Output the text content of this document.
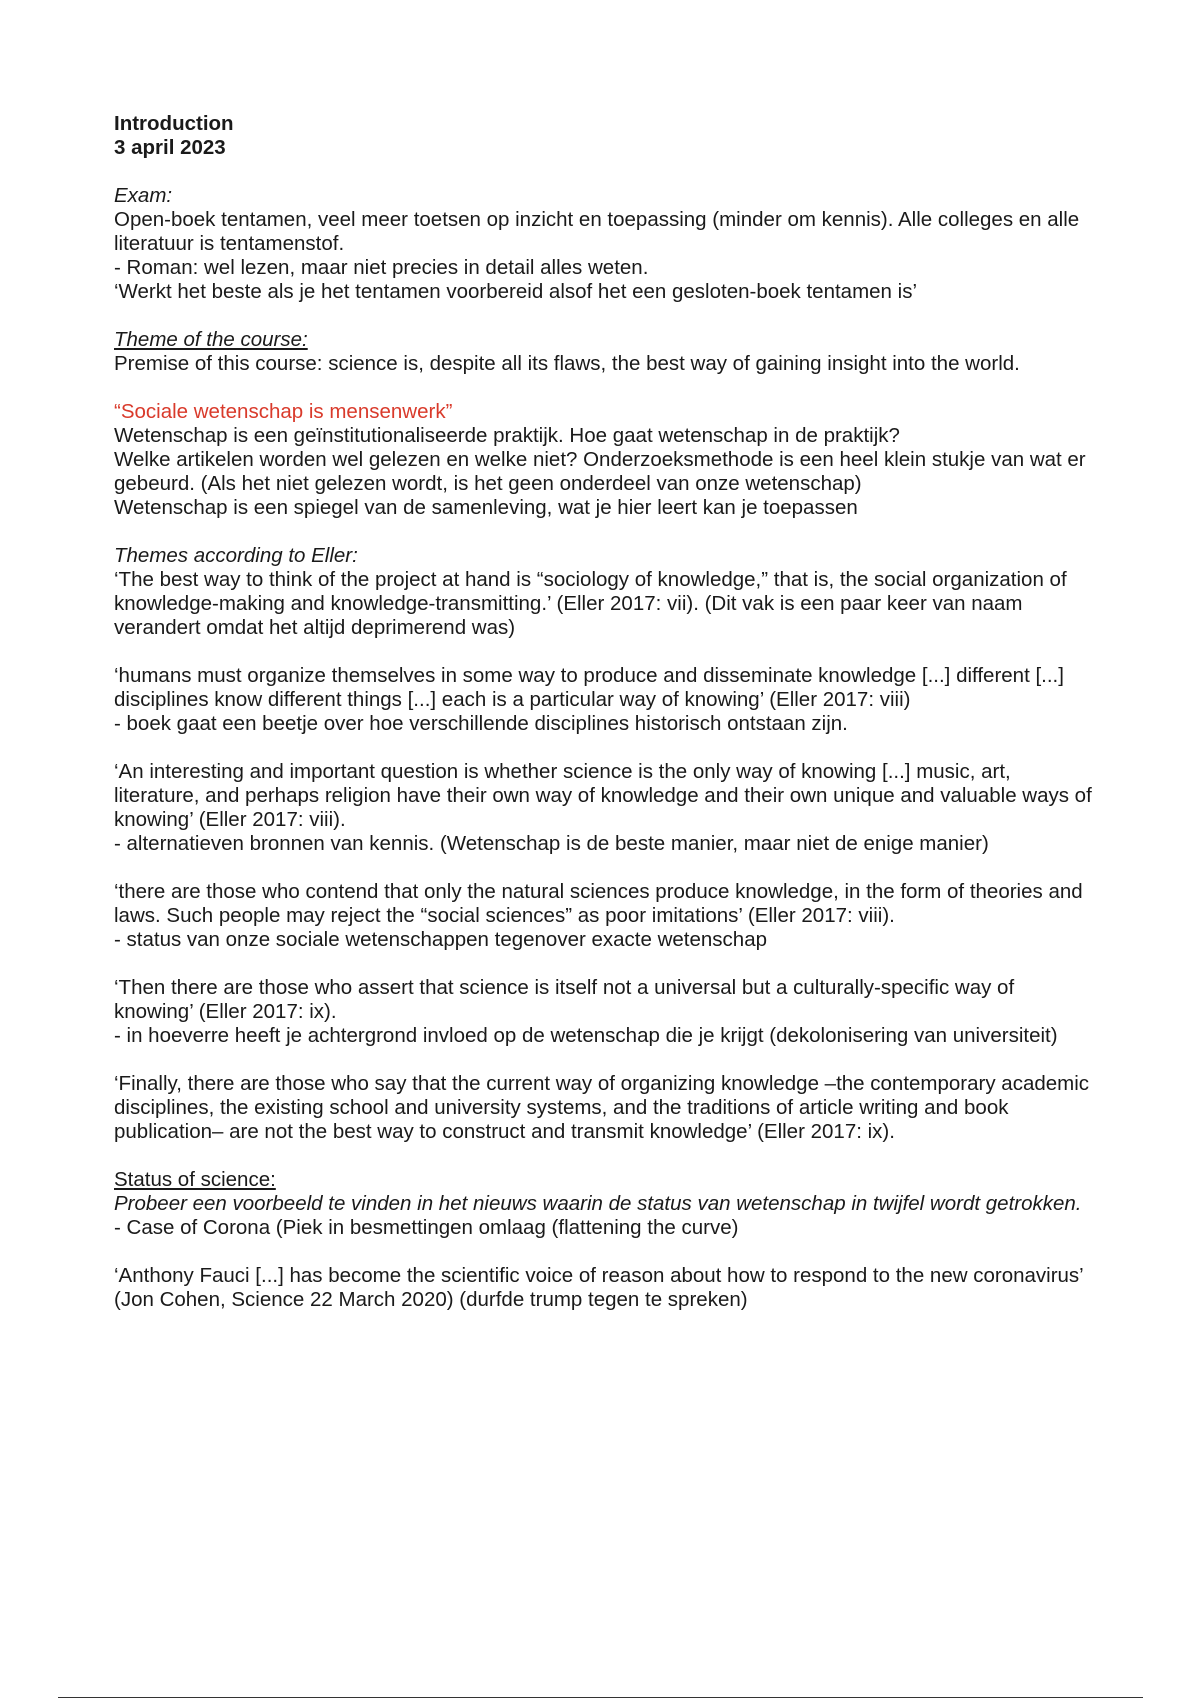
Introduction

3 april 2023

Exam:

Open-boek tentamen, veel meer toetsen op inzicht en toepassing (minder om kennis). Alle colleges en alle literatuur is tentamenstof.

- Roman: wel lezen, maar niet precies in detail alles weten.

‘Werkt het beste als je het tentamen voorbereid alsof het een gesloten-boek tentamen is’

Theme of the course:

Premise of this course: science is, despite all its flaws, the best way of gaining insight into the world.

“Sociale wetenschap is mensenwerk”

Wetenschap is een geïnstitutionaliseerde praktijk. Hoe gaat wetenschap in de praktijk?

Welke artikelen worden wel gelezen en welke niet? Onderzoeksmethode is een heel klein stukje van wat er gebeurd. (Als het niet gelezen wordt, is het geen onderdeel van onze wetenschap)

Wetenschap is een spiegel van de samenleving, wat je hier leert kan je toepassen

Themes according to Eller:

‘The best way to think of the project at hand is “sociology of knowledge,” that is, the social organization of knowledge-making and knowledge-transmitting.’ (Eller 2017: vii). (Dit vak is een paar keer van naam verandert omdat het altijd deprimerend was)

‘humans must organize themselves in some way to produce and disseminate knowledge [...] different [...] disciplines know different things [...] each is a particular way of knowing’ (Eller 2017: viii)

- boek gaat een beetje over hoe verschillende disciplines historisch ontstaan zijn.

‘An interesting and important question is whether science is the only way of knowing [...] music, art, literature, and perhaps religion have their own way of knowledge and their own unique and valuable ways of knowing’ (Eller 2017: viii).

- alternatieven bronnen van kennis. (Wetenschap is de beste manier, maar niet de enige manier)

‘there are those who contend that only the natural sciences produce knowledge, in the form of theories and laws. Such people may reject the “social sciences” as poor imitations’ (Eller 2017: viii).

- status van onze sociale wetenschappen tegenover exacte wetenschap

‘Then there are those who assert that science is itself not a universal but a culturally-specific way of knowing’ (Eller 2017: ix).

- in hoeverre heeft je achtergrond invloed op de wetenschap die je krijgt (dekolonisering van universiteit)

‘Finally, there are those who say that the current way of organizing knowledge –the contemporary academic disciplines, the existing school and university systems, and the traditions of article writing and book publication– are not the best way to construct and transmit knowledge’ (Eller 2017: ix).

Status of science:

Probeer een voorbeeld te vinden in het nieuws waarin de status van wetenschap in twijfel wordt getrokken.

- Case of Corona (Piek in besmettingen omlaag (flattening the curve)

‘Anthony Fauci [...] has become the scientific voice of reason about how to respond to the new coronavirus’ (Jon Cohen, Science 22 March 2020) (durfde trump tegen te spreken)
